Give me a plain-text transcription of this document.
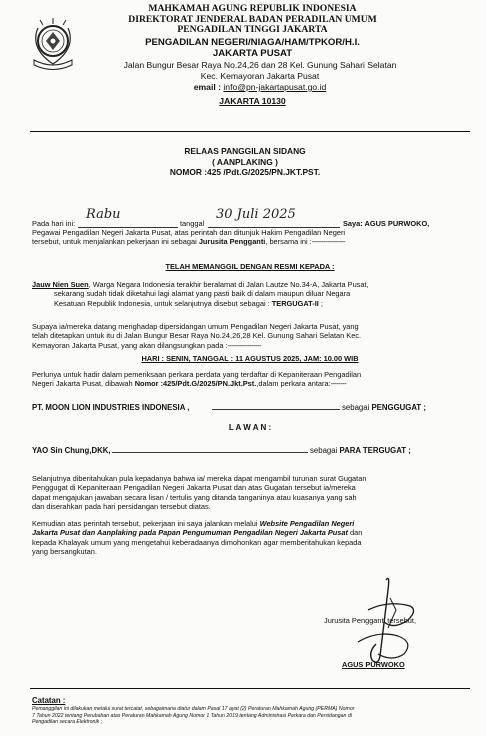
MAHKAMAH AGUNG REPUBLIK INDONESIA
DIREKTORAT JENDERAL BADAN PERADILAN UMUM
PENGADILAN TINGGI JAKARTA
PENGADILAN NEGERI/NIAGA/HAM/TPKOR/H.I.
JAKARTA PUSAT
Jalan Bungur Besar Raya No.24,26 dan 28 Kel. Gunung Sahari Selatan
Kec. Kemayoran Jakarta Pusat
email : info@pn-jakartapusat.go.id
JAKARTA 10130
RELAAS PANGGILAN SIDANG
( AANPLAKING )
NOMOR :425 /Pdt.G/2025/PN.JKT.PST.
Pada hari ini:
Rabu
tanggal
30 Juli 2025
Saya: AGUS PURWOKO,
Pegawai Pengadilan Negeri Jakarta Pusat, atas perintah dan ditunjuk Hakim Pengadilan Negeri
tersebut, untuk menjalankan pekerjaan ini sebagai Jurusita Pengganti, bersama ini :-----------------
TELAH MEMANGGIL DENGAN RESMI KEPADA :
Jauw Nien Suen, Warga Negara Indonesia terakhir beralamat di Jalan Lautze No.34-A, Jakarta Pusat,
sekarang sudah tidak diketahui lagi alamat yang pasti baik di dalam maupun diluar Negara
Kesatuan Republik Indonesia, untuk selanjutnya disebut sebagai : TERGUGAT-II ;
Supaya ia/mereka datang menghadap dipersidangan umum Pengadilan Negeri Jakarta Pusat, yang
telah ditetapkan untuk itu di Jalan Bungur Besar Raya No.24,26,28 Kel. Gunung Sahari Selatan Kec.
Kemayoran Jakarta Pusat, yang akan dilangsungkan pada :-----------------
HARI : SENIN, TANGGAL : 11 AGUSTUS 2025, JAM: 10.00 WIB
Perlunya untuk hadir dalam pemeriksaan perkara perdata yang terdaftar di Kepaniteraan Pengadilan
Negeri Jakarta Pusat, dibawah Nomor :425/Pdt.G/2025/PN.Jkt.Pst.,dalam perkara antara:--------
PT. MOON LION INDUSTRIES INDONESIA ,	sebagai PENGGUGAT ;
L A W A N :
YAO Sin Chung,DKK,	sebagai PARA TERGUGAT ;
Selanjutnya diberitahukan pula kepadanya bahwa ia/ mereka dapat mengambil turunan surat Gugatan
Penggugat di Kepaniteraan Pengadilan Negeri Jakarta Pusat dan atas Gugatan tersebut ia/mereka
dapat mengajukan jawaban secara lisan / tertulis yang ditanda tanganinya atau kuasanya yang sah
dan diserahkan pada hari persidangan tersebut diatas.
Kemudian atas perintah tersebut, pekerjaan ini saya jalankan melalui Website Pengadilan Negeri
Jakarta Pusat dan Aanplaking pada Papan Pengumuman Pengadilan Negeri Jakarta Pusat dan
kepada Khalayak umum yang mengetahui keberadaanya dimohonkan agar memberitahukan kepada
yang bersangkutan.
Jurusita Pengganti tersebut,
AGUS PURWOKO
Catatan :
Pemanggilan ini dilakukan melalui surat tercatat, sebagaimana diatur dalam Pasal 17 ayat (2) Peraturan Mahkamah Agung (PERMA) Nomor
7 Tahun 2022 tentang Perubahan atas Peraturan Mahkamah Agung Nomor 1 Tahun 2019 tentang Administrasi Perkara dan Persidangan di
Pengadilan secara Elektronik ;
